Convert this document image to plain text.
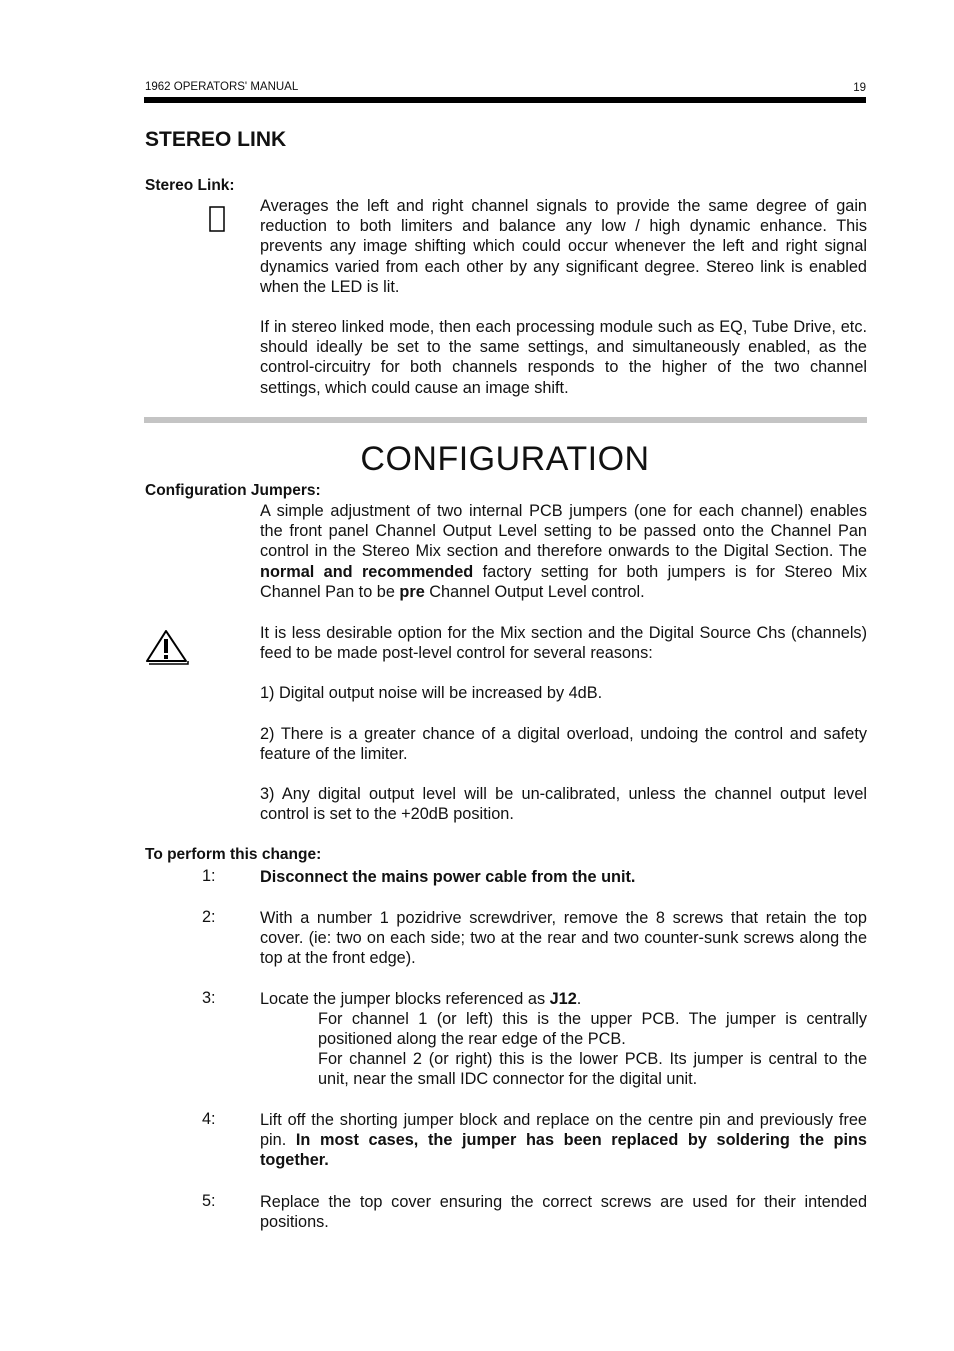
1962 OPERATORS' MANUAL	19
STEREO LINK
Stereo Link:

Averages the left and right channel signals to provide the same degree of gain reduction to both limiters and balance any low / high dynamic enhance. This prevents any image shifting which could occur whenever the left and right signal dynamics varied from each other by any significant degree. Stereo link is enabled when the LED is lit.

If in stereo linked mode, then each processing module such as EQ, Tube Drive, etc. should ideally be set to the same settings, and simultaneously enabled, as the control-circuitry for both channels responds to the higher of the two channel settings, which could cause an image shift.

CONFIGURATION
Configuration Jumpers:

A simple adjustment of two internal PCB jumpers (one for each channel) enables the front panel Channel Output Level setting to be passed onto the Channel Pan control in the Stereo Mix section and therefore onwards to the Digital Section. The normal and recommended factory setting for both jumpers is for Stereo Mix Channel Pan to be pre Channel Output Level control.

It is less desirable option for the Mix section and the Digital Source Chs (channels) feed to be made post-level control for several reasons:

1) Digital output noise will be increased by 4dB.

2) There is a greater chance of a digital overload, undoing the control and safety feature of the limiter.

3) Any digital output level will be un-calibrated, unless the channel output level control is set to the +20dB position.

To perform this change:
1:	Disconnect the mains power cable from the unit.

2:	With a number 1 pozidrive screwdriver, remove the 8 screws that retain the top cover. (ie: two on each side; two at the rear and two counter-sunk screws along the top at the front edge).

3:	Locate the jumper blocks referenced as J12.

For channel 1 (or left) this is the upper PCB. The jumper is centrally positioned along the rear edge of the PCB.

For channel 2 (or right) this is the lower PCB. Its jumper is central to the unit, near the small IDC connector for the digital unit.

4:	Lift off the shorting jumper block and replace on the centre pin and previously free pin. In most cases, the jumper has been replaced by soldering the pins together.

5:	Replace the top cover ensuring the correct screws are used for their intended positions.
